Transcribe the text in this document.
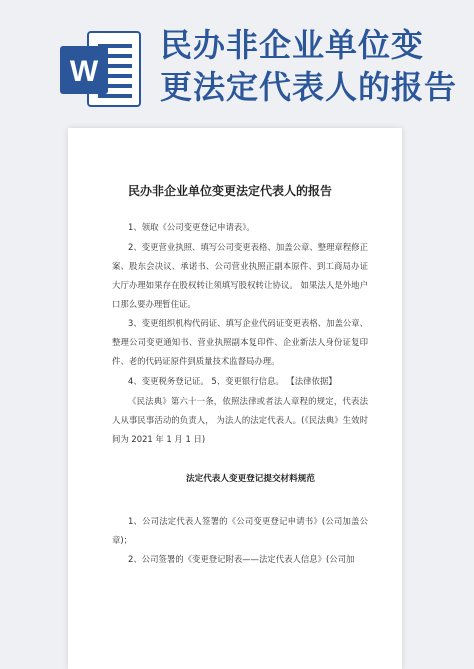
W
民办非企业单位变
更法定代表人的报告
民办非企业单位变更法定代表人的报告

1、领取《公司变更登记申请表》。

2、变更营业执照、填写公司变更表格、加盖公章、整理章程修正案、股东会决议、承诺书、公司营业执照正副本原件、到工商局办证大厅办理如果存在股权转让须填写股权转让协议。 如果法人是外地户口那么要办理暂住证。

3、变更组织机构代码证、填写企业代码证变更表格、加盖公章、整理公司变更通知书、营业执照副本复印件、企业新法人身份证复印件、老的代码证原件到质量技术监督局办理。

4、变更税务登记证。 5、变更银行信息。 【法律依据】

《民法典》第六十一条，依照法律或者法人章程的规定，代表法人从事民事活动的负责人， 为法人的法定代表人。(《民法典》生效时间为 2021 年 1 月 1 日)

法定代表人变更登记提交材料规范

1、公司法定代表人签署的《公司变更登记申请书》(公司加盖公章)；

2、公司签署的《变更登记附表——法定代表人信息》(公司加
